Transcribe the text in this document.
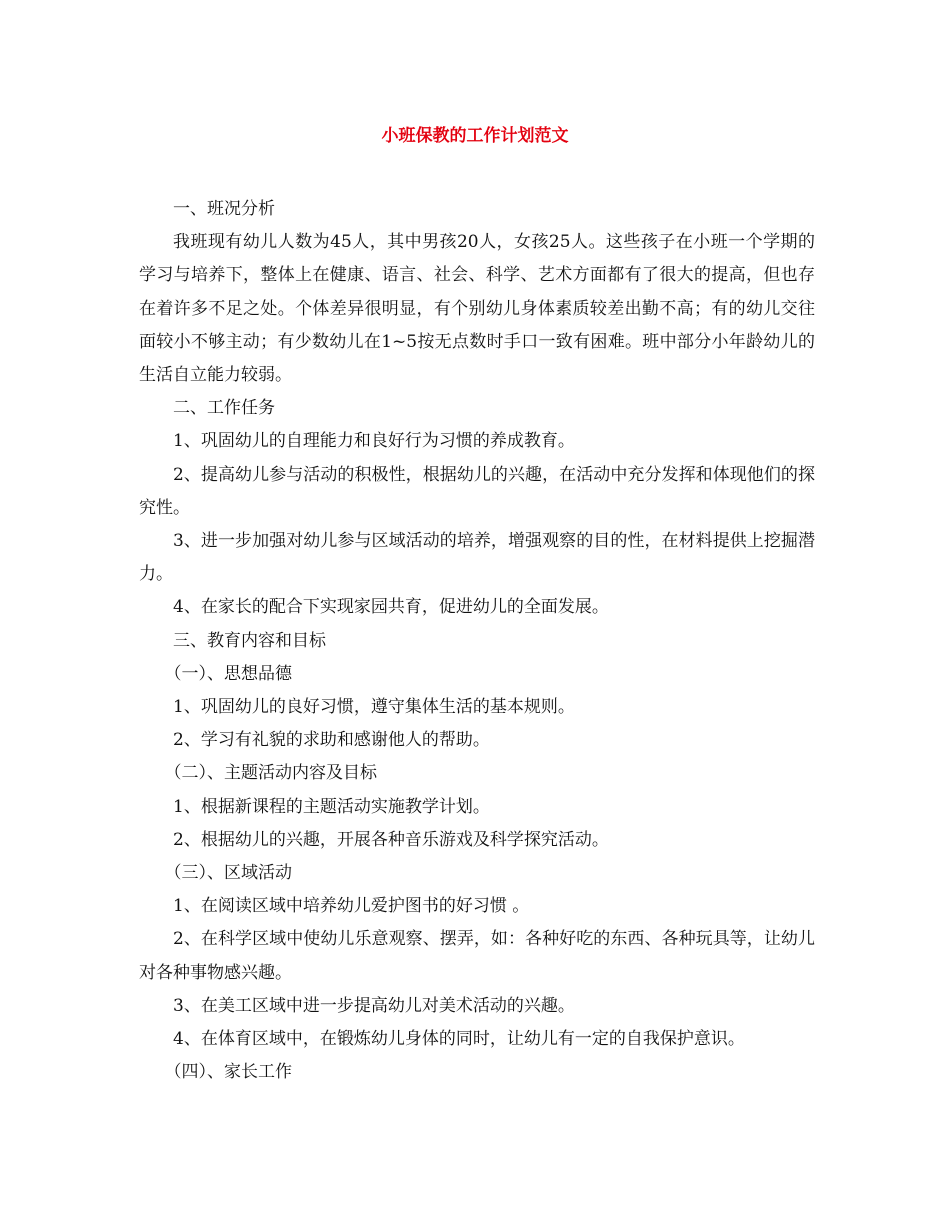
小班保教的工作计划范文

一、班况分析

我班现有幼儿人数为45人，其中男孩20人，女孩25人。这些孩子在小班一个学期的学习与培养下，整体上在健康、语言、社会、科学、艺术方面都有了很大的提高，但也存在着许多不足之处。个体差异很明显，有个别幼儿身体素质较差出勤不高；有的幼儿交往面较小不够主动；有少数幼儿在1~5按无点数时手口一致有困难。班中部分小年龄幼儿的生活自立能力较弱。

二、工作任务

1、巩固幼儿的自理能力和良好行为习惯的养成教育。

2、提高幼儿参与活动的积极性，根据幼儿的兴趣，在活动中充分发挥和体现他们的探究性。

3、进一步加强对幼儿参与区域活动的培养，增强观察的目的性，在材料提供上挖掘潜力。

4、在家长的配合下实现家园共育，促进幼儿的全面发展。

三、教育内容和目标

（一）、思想品德

1、巩固幼儿的良好习惯，遵守集体生活的基本规则。

2、学习有礼貌的求助和感谢他人的帮助。

（二）、主题活动内容及目标

1、根据新课程的主题活动实施教学计划。

2、根据幼儿的兴趣，开展各种音乐游戏及科学探究活动。

（三）、区域活动

1、在阅读区域中培养幼儿爱护图书的好习惯 。

2、在科学区域中使幼儿乐意观察、摆弄，如：各种好吃的东西、各种玩具等，让幼儿对各种事物感兴趣。

3、在美工区域中进一步提高幼儿对美术活动的兴趣。

4、在体育区域中，在锻炼幼儿身体的同时，让幼儿有一定的自我保护意识。

（四）、家长工作
